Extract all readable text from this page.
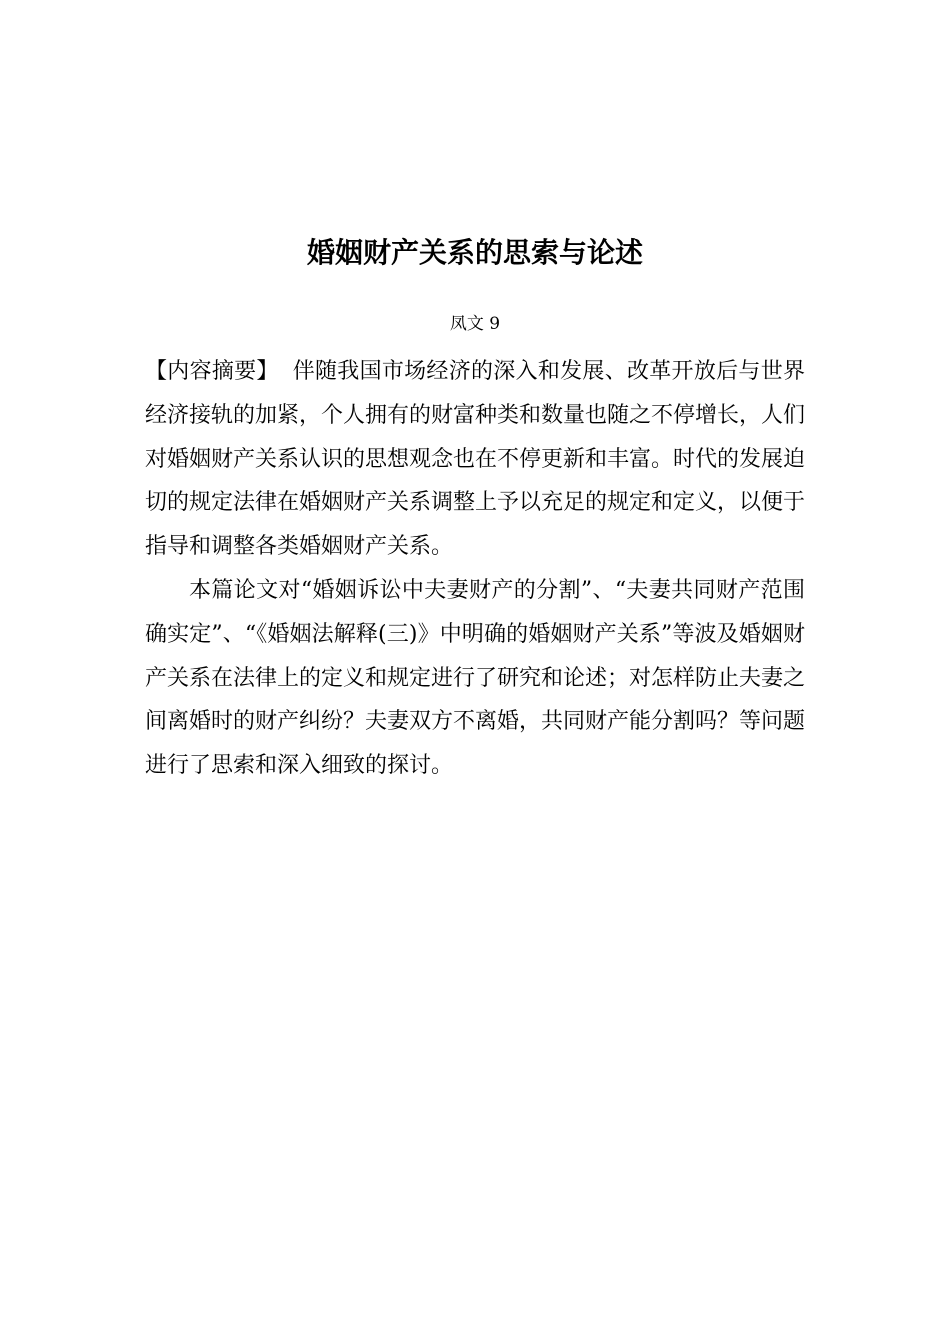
婚姻财产关系的思索与论述
凤文 9

【内容摘要】 伴随我国市场经济的深入和发展、改革开放后与世界经济接轨的加紧，个人拥有的财富种类和数量也随之不停增长，人们对婚姻财产关系认识的思想观念也在不停更新和丰富。时代的发展迫切的规定法律在婚姻财产关系调整上予以充足的规定和定义，以便于指导和调整各类婚姻财产关系。

本篇论文对“婚姻诉讼中夫妻财产的分割”、“夫妻共同财产范围确实定”、“《婚姻法解释(三)》中明确的婚姻财产关系”等波及婚姻财产关系在法律上的定义和规定进行了研究和论述；对怎样防止夫妻之间离婚时的财产纠纷？夫妻双方不离婚，共同财产能分割吗？等问题进行了思索和深入细致的探讨。
